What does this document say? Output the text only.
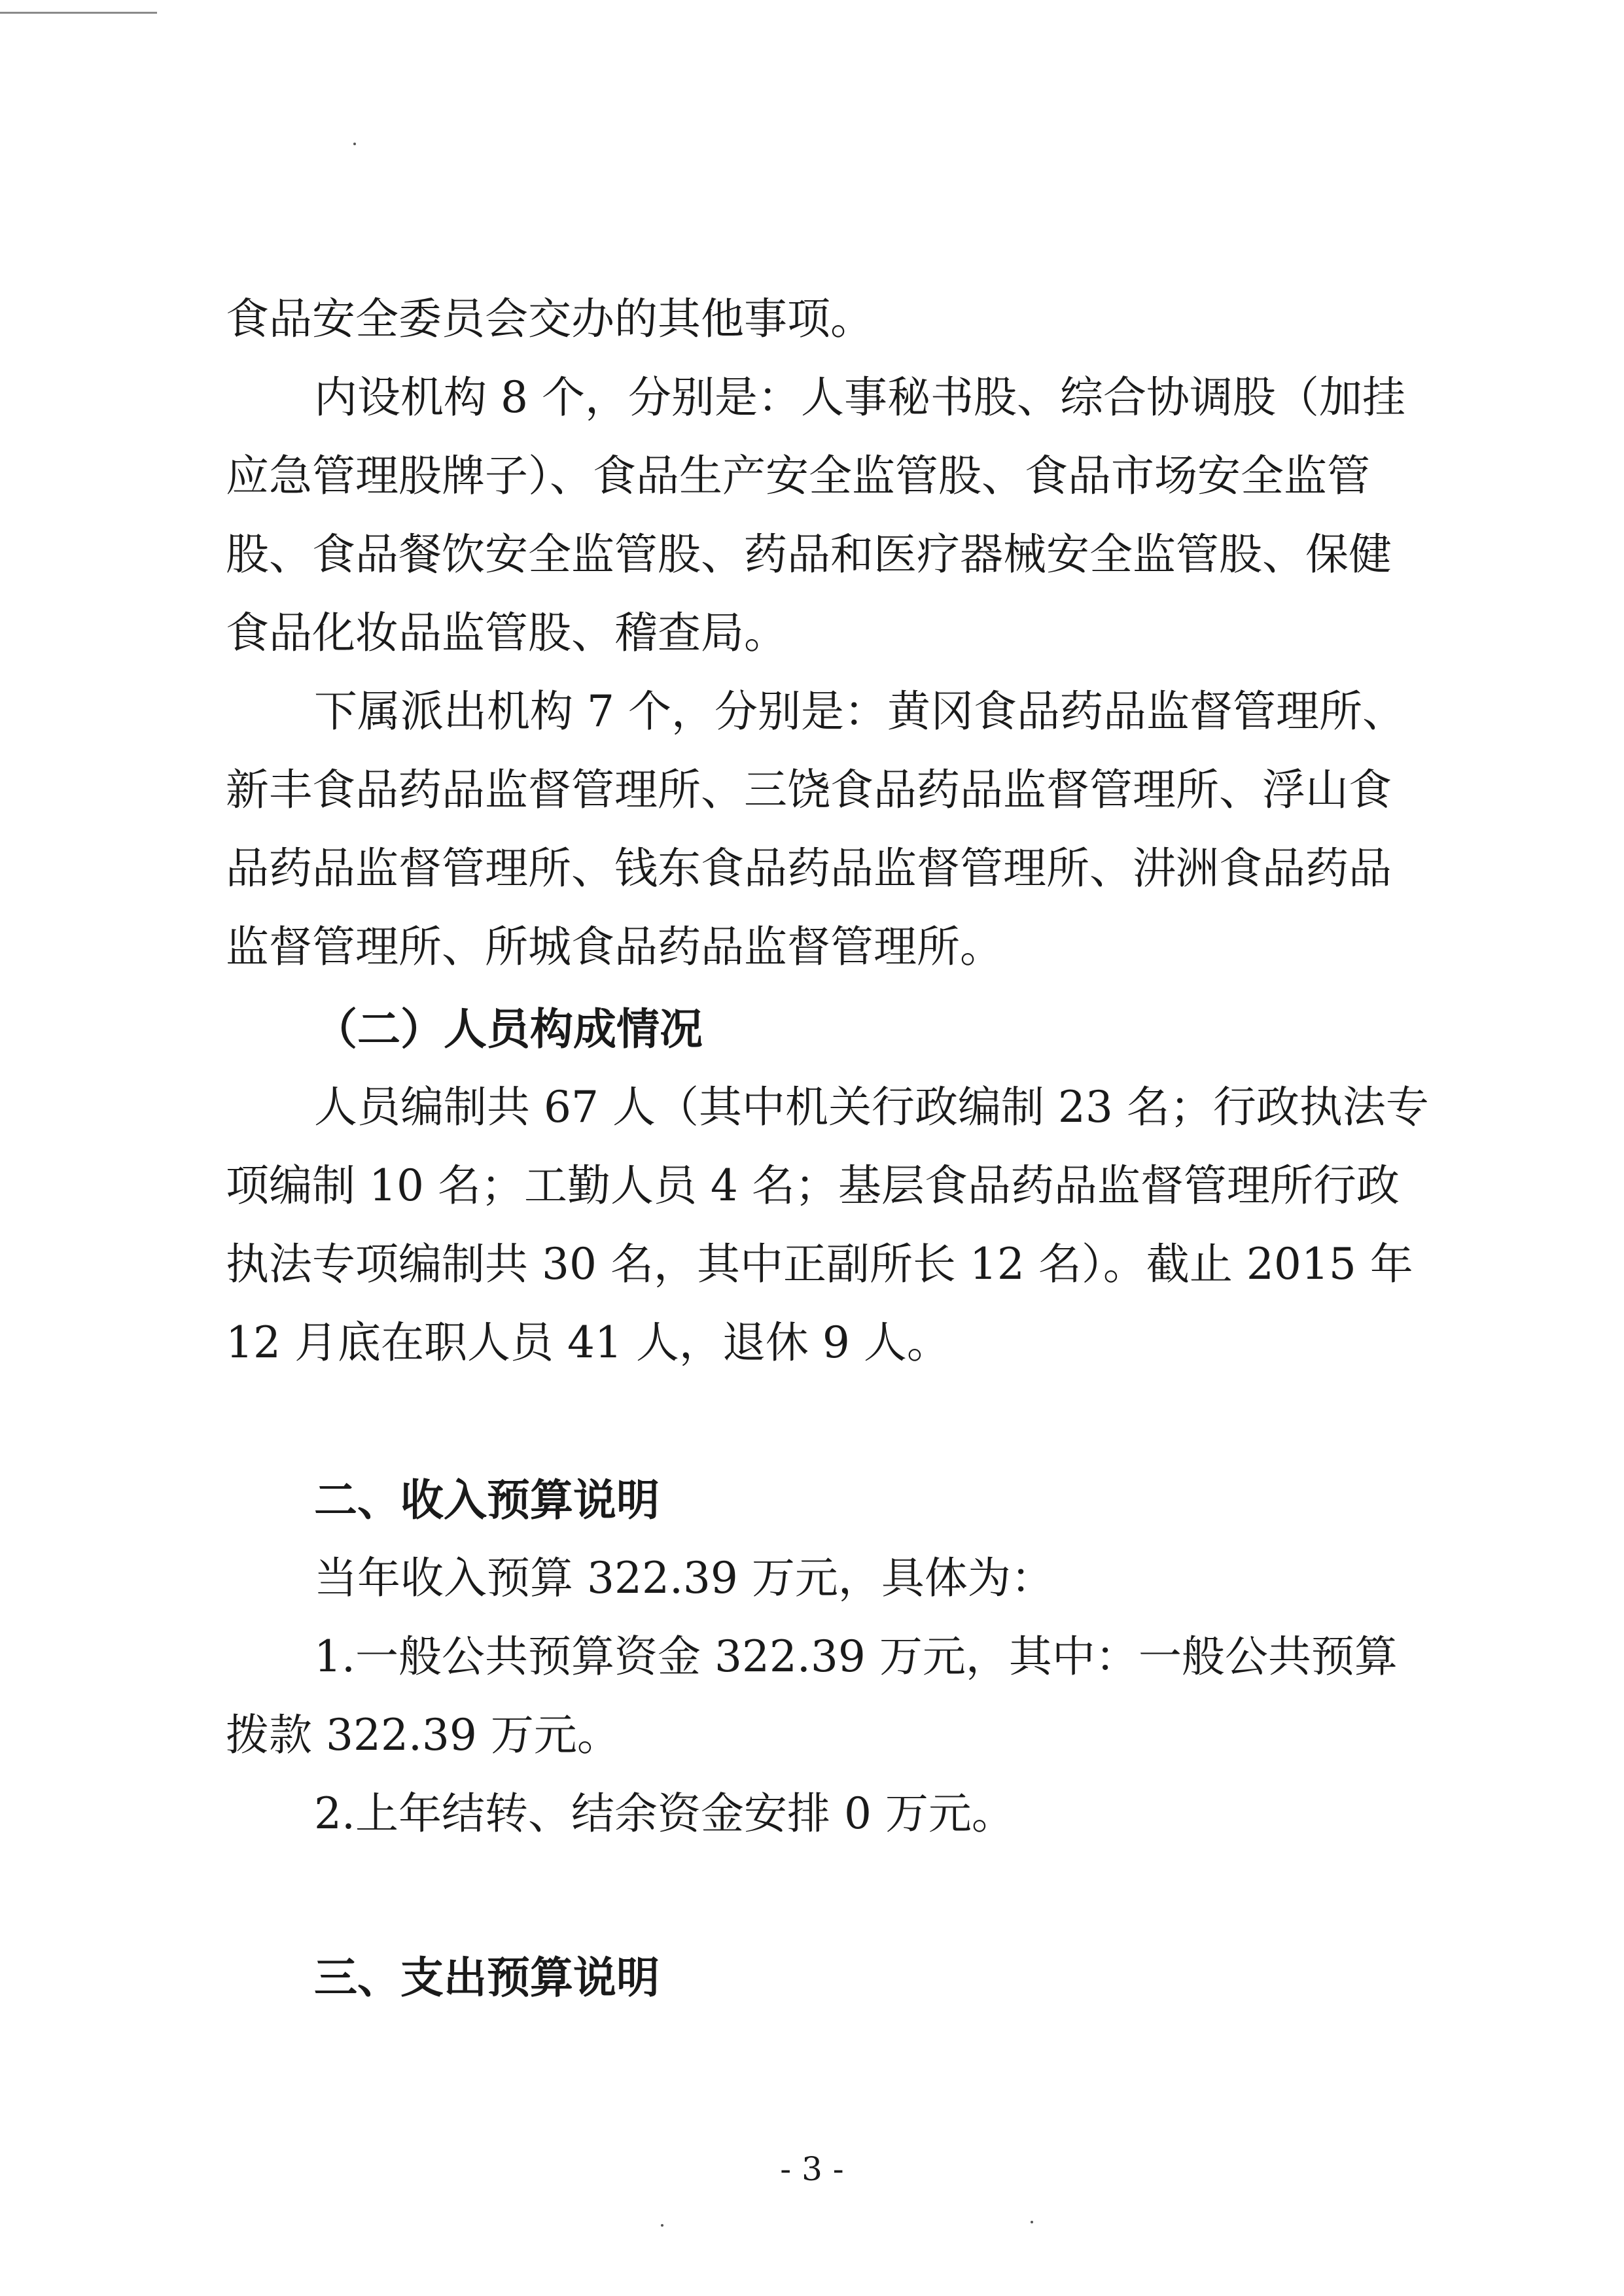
食品安全委员会交办的其他事项。

内设机构 8 个，分别是：人事秘书股、综合协调股（加挂

应急管理股牌子）、食品生产安全监管股、食品市场安全监管

股、食品餐饮安全监管股、药品和医疗器械安全监管股、保健

食品化妆品监管股、稽查局。

下属派出机构 7 个，分别是：黄冈食品药品监督管理所、

新丰食品药品监督管理所、三饶食品药品监督管理所、浮山食

品药品监督管理所、钱东食品药品监督管理所、汫洲食品药品

监督管理所、所城食品药品监督管理所。

（二）人员构成情况

人员编制共 67 人（其中机关行政编制 23 名；行政执法专

项编制 10 名；工勤人员 4 名；基层食品药品监督管理所行政

执法专项编制共 30 名，其中正副所长 12 名）。截止 2015 年

12 月底在职人员 41 人，退休 9 人。

二、收入预算说明

当年收入预算 322.39 万元，具体为：

1.一般公共预算资金 322.39 万元，其中：一般公共预算

拨款 322.39 万元。

2.上年结转、结余资金安排 0 万元。

三、支出预算说明

- 3 -
